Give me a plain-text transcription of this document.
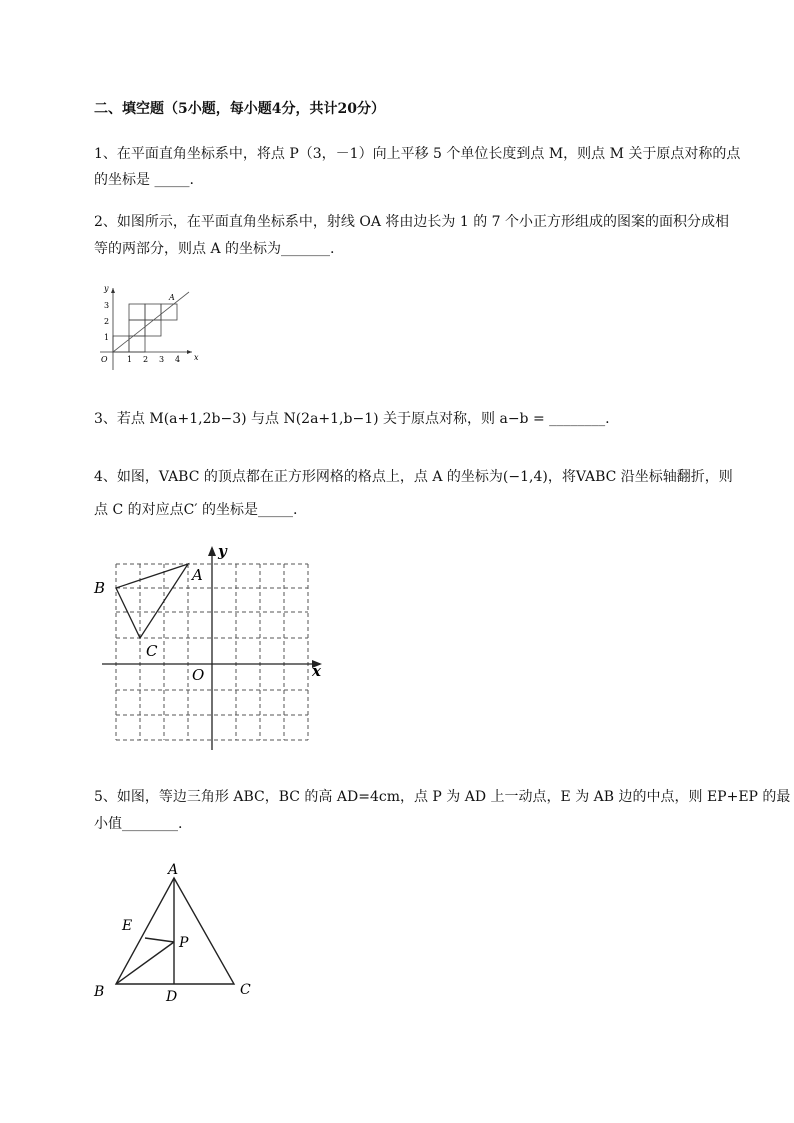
二、填空题（5小题，每小题4分，共计20分）
1、在平面直角坐标系中，将点 P（3，－1）向上平移 5 个单位长度到点 M，则点 M 关于原点对称的点
的坐标是 _____.
2、如图所示，在平面直角坐标系中，射线 OA 将由边长为 1 的 7 个小正方形组成的图案的面积分成相
等的两部分，则点 A 的坐标为_______.
O	x
y
A
1 2 3 4
1
2
3
3、若点 M(a+1,2b−3) 与点 N(2a+1,b−1) 关于原点对称，则 a−b = ________.
4、如图，VABC 的顶点都在正方形网格的格点上，点 A 的坐标为(−1,4)，将VABC 沿坐标轴翻折，则
点 C 的对应点C′ 的坐标是_____.
y
x
O
A
B
C
5、如图，等边三角形 ABC，BC 的高 AD=4cm，点 P 为 AD 上一动点，E 为 AB 边的中点，则 EP+EP 的最
小值________.
A
B	C
D
E
P
